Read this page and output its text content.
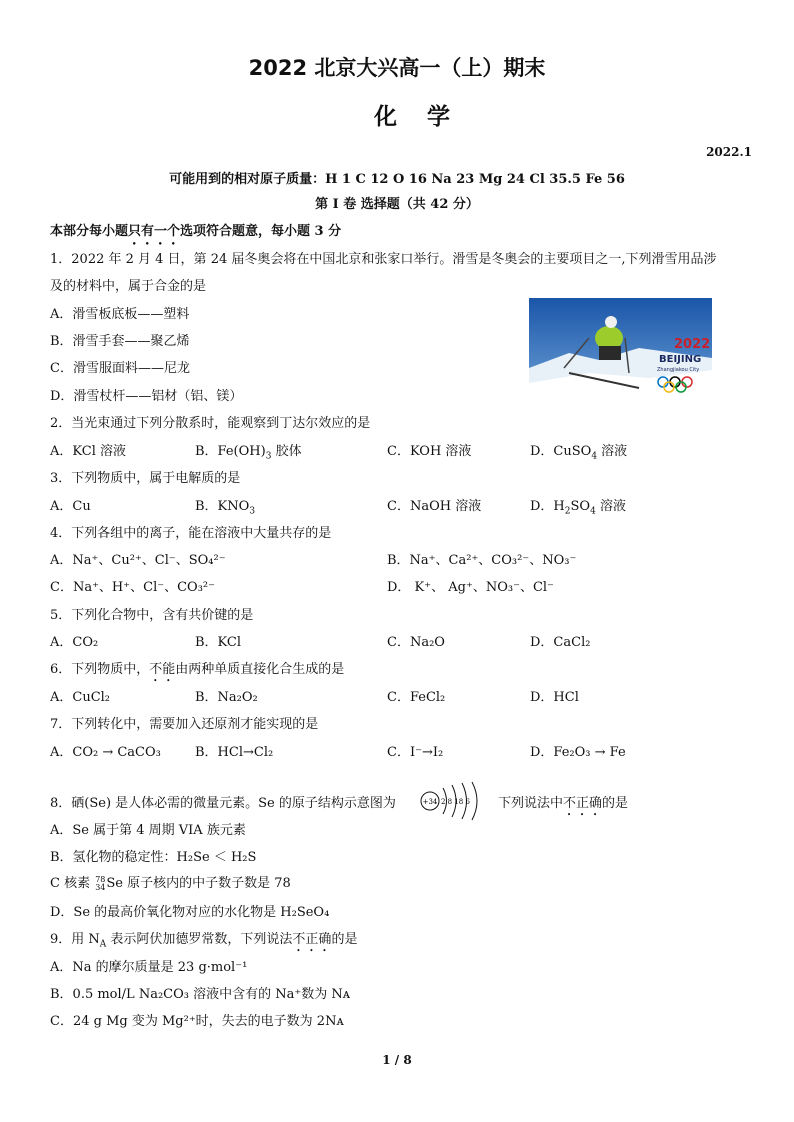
2022 北京大兴高一（上）期末
化学
2022.1
可能用到的相对原子质量：H 1 C 12 O 16 Na 23 Mg 24 Cl 35.5 Fe 56
第 I 卷 选择题（共 42 分）
本部分每小题只有一个选项符合题意，每小题 3 分
1．2022 年 2 月 4 日，第 24 届冬奥会将在中国北京和张家口举行。滑雪是冬奥会的主要项目之一,下列滑雪用品涉
及的材料中，属于合金的是
A．滑雪板底板——塑料
B．滑雪手套——聚乙烯
C．滑雪服面料——尼龙
D．滑雪杖杆——铝材（铝、镁）
BEIJING
2022
Zhangjiakou City
2．当光束通过下列分散系时，能观察到丁达尔效应的是
A．KCl 溶液	B．$Fe(OH)_3$ 胶体	C．KOH 溶液	D．CuSO$_4$ 溶液
3．下列物质中，属于电解质的是
A．Cu	B．$KNO_3$	C．NaOH 溶液	D．$H_2SO_4$ 溶液
4．下列各组中的离子，能在溶液中大量共存的是
A．Na⁺、Cu²⁺、Cl⁻、SO₄²⁻	B．Na⁺、Ca²⁺、CO₃²⁻、NO₃⁻
C．Na⁺、H⁺、Cl⁻、CO₃²⁻	D． K⁺、 Ag⁺、NO₃⁻、Cl⁻
5．下列化合物中，含有共价键的是
A．CO₂	B．KCl	C．Na₂O	D．CaCl₂
6．下列物质中，不能由两种单质直接化合生成的是
A．CuCl₂	B．Na₂O₂	C．FeCl₂	D．HCl
7．下列转化中，需要加入还原剂才能实现的是
A．CO₂ → CaCO₃	B．HCl→Cl₂	C．I⁻→I₂	D．Fe₂O₃ → Fe
8．硒(Se) 是人体必需的微量元素。Se 的原子结构示意图为	+34 2 8 18 6 下列说法中不正确的是
A．Se 属于第 4 周期 VIA 族元素
B．氢化物的稳定性：H₂Se ＜ H₂S
C 核素 78
34Se 原子核内的中子数子数是 78
D．Se 的最高价氧化物对应的水化物是 H₂SeO₄
9．用 $N_A$ 表示阿伏加德罗常数，下列说法不正确的是
A．Na 的摩尔质量是 23 g·mol⁻¹
B．0.5 mol/L Na₂CO₃ 溶液中含有的 Na⁺数为 Nᴀ
C．24 g Mg 变为 Mg²⁺时，失去的电子数为 2Nᴀ
1 / 8
